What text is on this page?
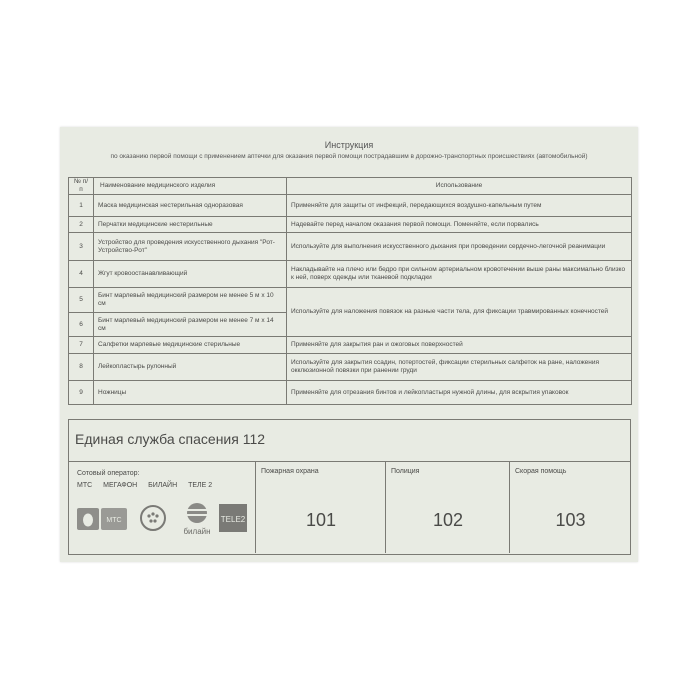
Инструкция
по оказанию первой помощи с применением аптечки для оказания первой помощи пострадавшим в дорожно-транспортных происшествиях (автомобильной)
№ п/п	Наименование медицинского изделия	Использование
1	Маска медицинская нестерильная одноразовая	Применяйте для защиты от инфекций, передающихся воздушно-капельным путем
2	Перчатки медицинские нестерильные	Надевайте перед началом оказания первой помощи. Поменяйте, если порвались
3	Устройство для проведения искусственного дыхания "Рот-Устройство-Рот"	Используйте для выполнения искусственного дыхания при проведении сердечно-легочной реанимации
4	Жгут кровоостанавливающий	Накладывайте на плечо или бедро при сильном артериальном кровотечении выше раны максимально близко к ней, поверх одежды или тканевой подкладки
5	Бинт марлевый медицинский размером не менее 5 м х 10 см	Используйте для наложения повязок на разные части тела, для фиксации травмированных конечностей
6	Бинт марлевый медицинский размером не менее 7 м х 14 см	
7	Салфетки марлевые медицинские стерильные	Применяйте для закрытия ран и ожоговых поверхностей
8	Лейкопластырь рулонный	Используйте для закрытия ссадин, потертостей, фиксации стерильных салфеток на ране, наложения окклюзионной повязки при ранении груди
9	Ножницы	Применяйте для отрезания бинтов и лейкопластыря нужной длины, для вскрытия упаковок
Единая служба спасения 112
Сотовый оператор:
МТС МЕГАФОН БИЛАЙН ТЕЛЕ 2
МТС
билайн
TELE2
Пожарная охрана
101
Полиция
102
Скорая помощь
103
